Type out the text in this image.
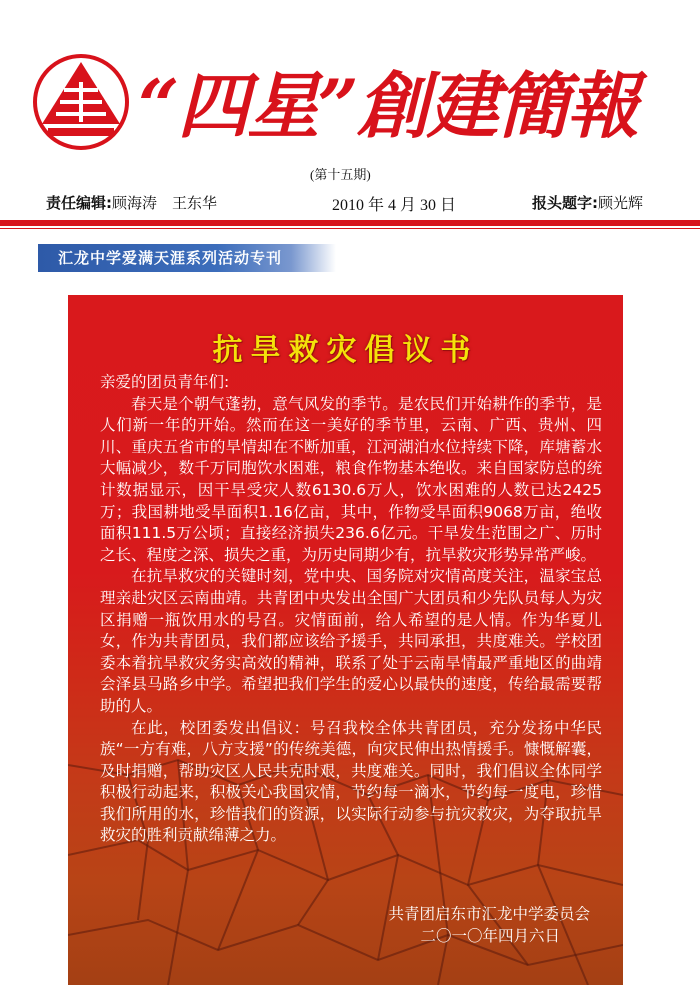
“四星”創建簡報
(第十五期)
责任编辑:顾海涛　王东华	2010 年 4 月 30 日	报头题字:顾光辉
汇龙中学爱满天涯系列活动专刊
抗旱救灾倡议书

亲爱的团员青年们:

春天是个朝气蓬勃，意气风发的季节。是农民们开始耕作的季节，是人们新一年的开始。然而在这一美好的季节里，云南、广西、贵州、四川、重庆五省市的旱情却在不断加重，江河湖泊水位持续下降，库塘蓄水大幅减少，数千万同胞饮水困难，粮食作物基本绝收。来自国家防总的统计数据显示，因干旱受灾人数6130.6万人，饮水困难的人数已达2425万；我国耕地受旱面积1.16亿亩，其中，作物受旱面积9068万亩，绝收面积111.5万公顷；直接经济损失236.6亿元。干旱发生范围之广、历时之长、程度之深、损失之重，为历史同期少有，抗旱救灾形势异常严峻。

在抗旱救灾的关键时刻，党中央、国务院对灾情高度关注，温家宝总理亲赴灾区云南曲靖。共青团中央发出全国广大团员和少先队员每人为灾区捐赠一瓶饮用水的号召。灾情面前，给人希望的是人情。作为华夏儿女，作为共青团员，我们都应该给予援手，共同承担，共度难关。学校团委本着抗旱救灾务实高效的精神，联系了处于云南旱情最严重地区的曲靖会泽县马路乡中学。希望把我们学生的爱心以最快的速度，传给最需要帮助的人。

在此，校团委发出倡议：号召我校全体共青团员，充分发扬中华民族“一方有难，八方支援”的传统美德，向灾民伸出热情援手。慷慨解囊，及时捐赠，帮助灾区人民共克时艰，共度难关。同时，我们倡议全体同学积极行动起来，积极关心我国灾情，节约每一滴水，节约每一度电，珍惜我们所用的水，珍惜我们的资源，以实际行动参与抗灾救灾，为夺取抗旱救灾的胜利贡献绵薄之力。

共青团启东市汇龙中学委员会
二〇一〇年四月六日
